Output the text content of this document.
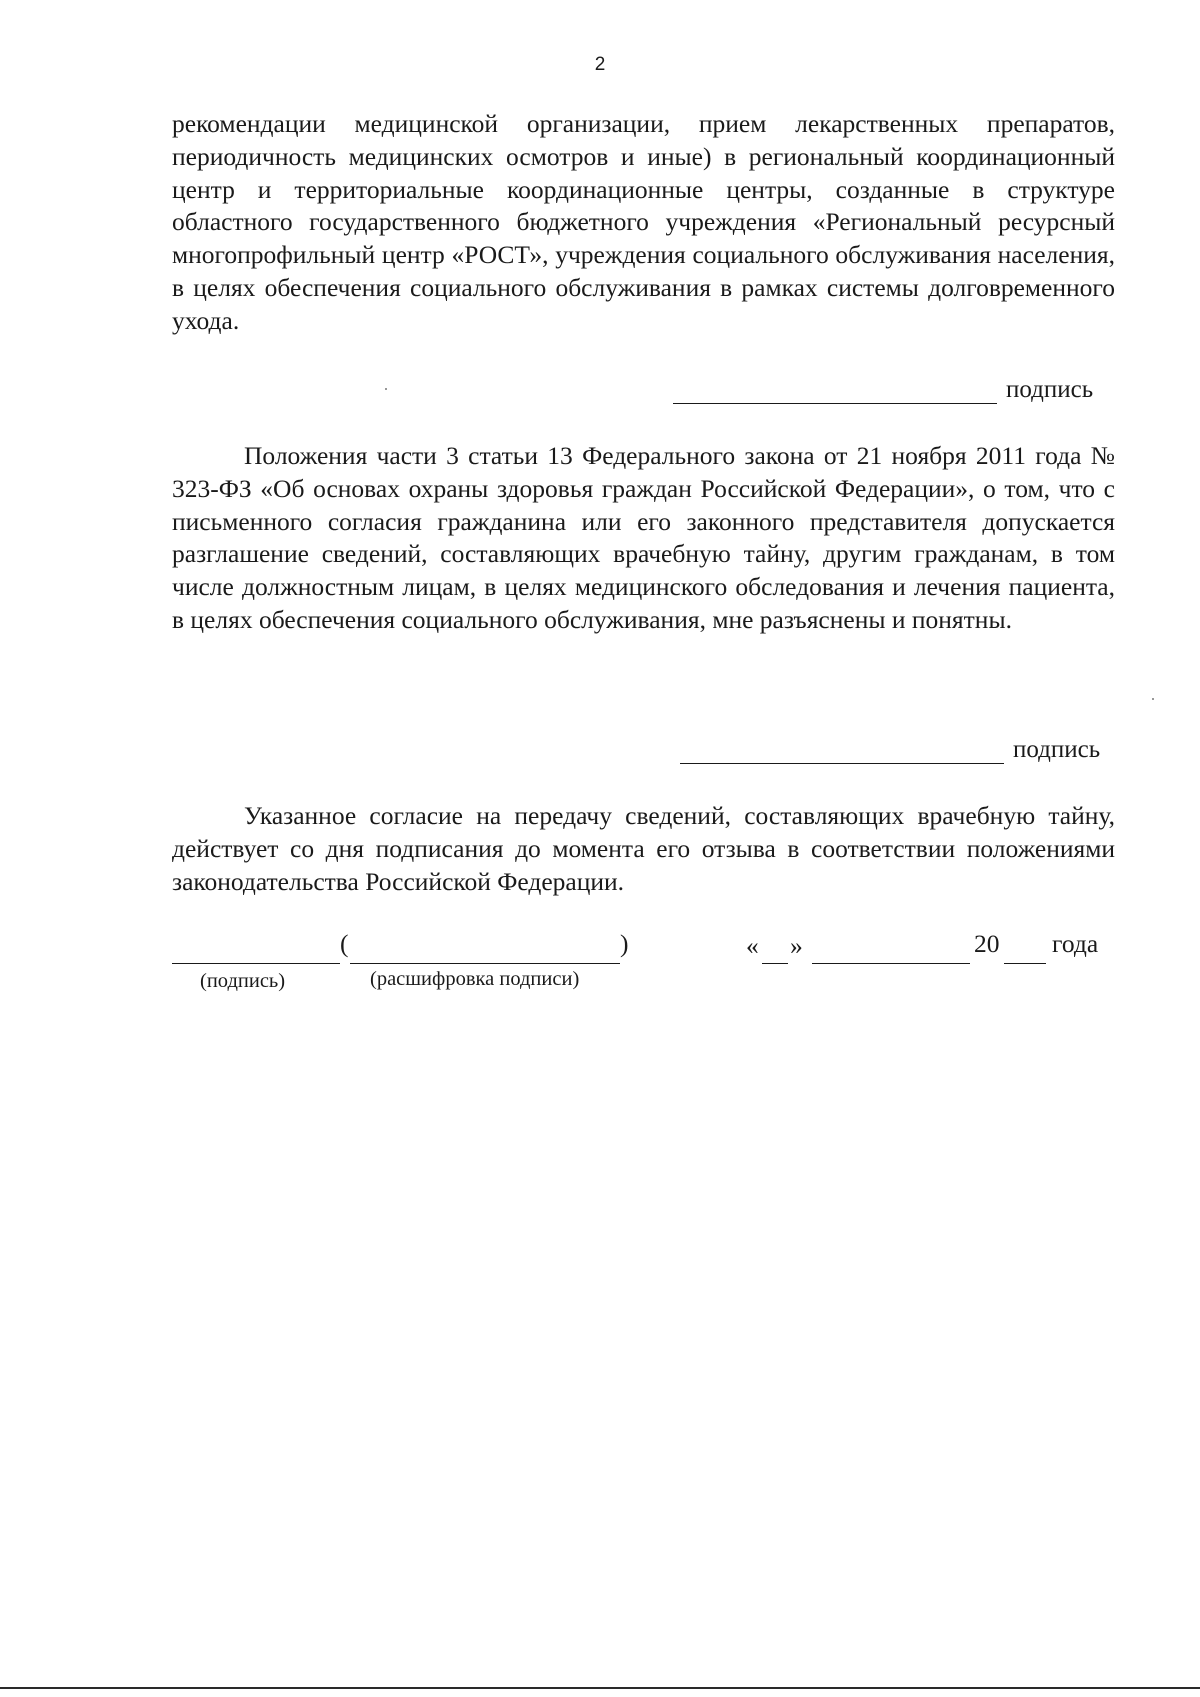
2

рекомендации медицинской организации, прием лекарственных препаратов, периодичность медицинских осмотров и иные) в региональный координационный центр и территориальные координационные центры, созданные в структуре областного государственного бюджетного учреждения «Региональный ресурсный многопрофильный центр «РОСТ», учреждения социального обслуживания населения, в целях обеспечения социального обслуживания в рамках системы долговременного ухода.

подпись

Положения части 3 статьи 13 Федерального закона от 21 ноября 2011 года № 323-ФЗ «Об основах охраны здоровья граждан Российской Федерации», о том, что с письменного согласия гражданина или его законного представителя допускается разглашение сведений, составляющих врачебную тайну, другим гражданам, в том числе должностным лицам, в целях медицинского обследования и лечения пациента, в целях обеспечения социального обслуживания, мне разъяснены и понятны.

подпись

Указанное согласие на передачу сведений, составляющих врачебную тайну, действует со дня подписания до момента его отзыва в соответствии положениями законодательства Российской Федерации.

(	)	« »	20 года
(подпись)	(расшифровка подписи)
